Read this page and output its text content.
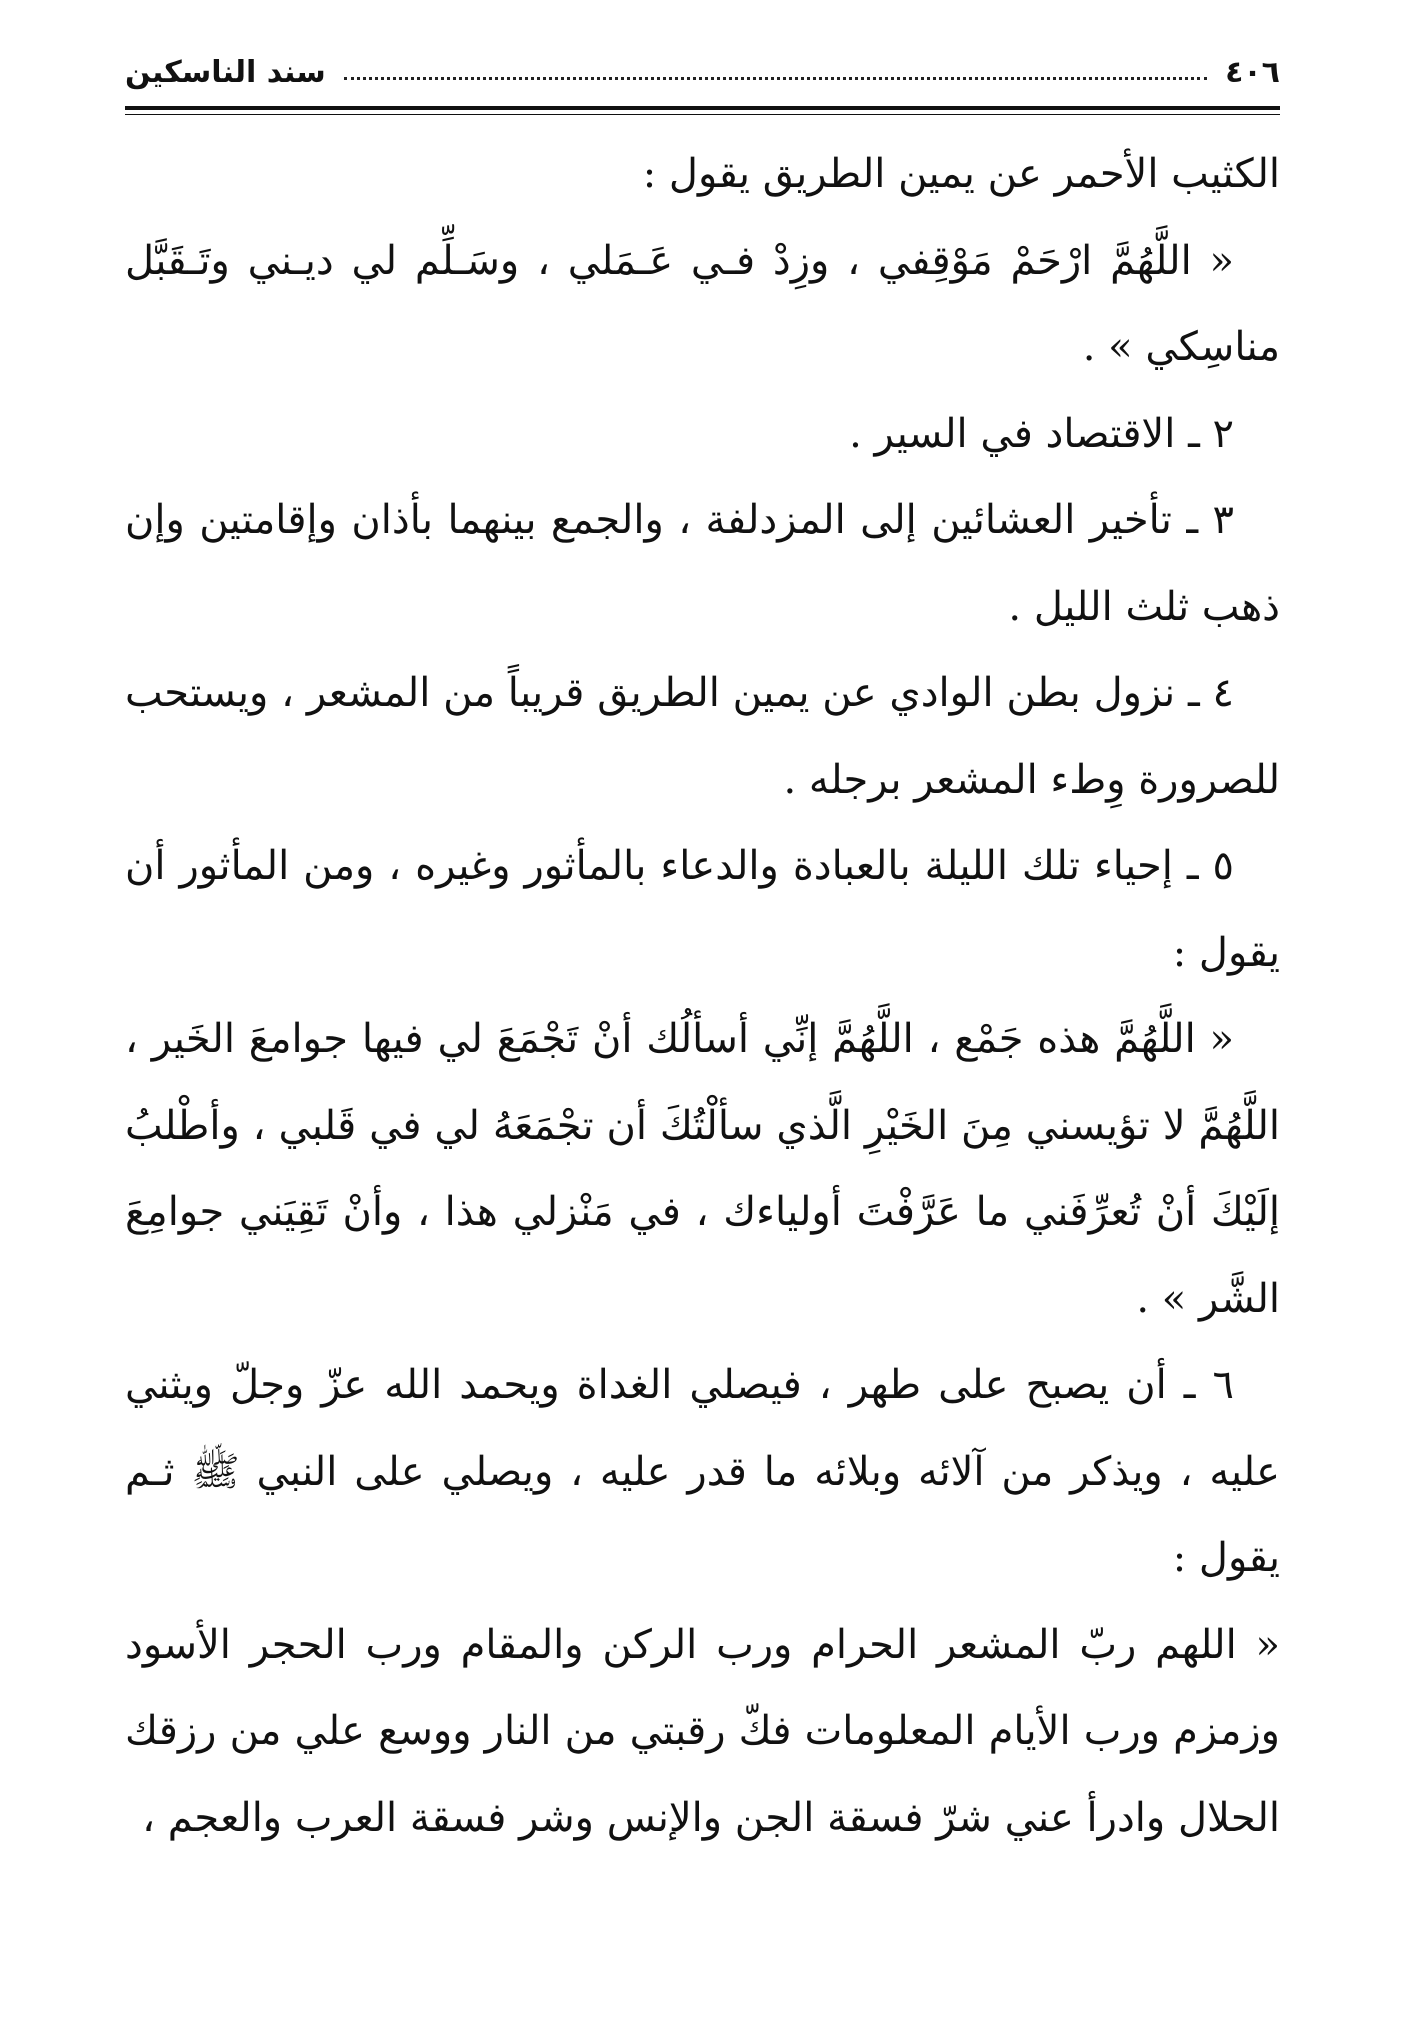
٤٠٦
سند الناسكين

الكثيب الأحمر عن يمين الطريق يقول :

« اللَّهُمَّ ارْحَمْ مَوْقِفي ، وزِدْ فـي عَـمَلي ، وسَـلِّم لي ديـني وتَـقَبَّل مناسِكي » .

٢ ـ الاقتصاد في السير .

٣ ـ تأخير العشائين إلى المزدلفة ، والجمع بينهما بأذان وإقامتين وإن ذهب ثلث الليل .

٤ ـ نزول بطن الوادي عن يمين الطريق قريباً من المشعر ، ويستحب للصرورة وِطء المشعر برجله .

٥ ـ إحياء تلك الليلة بالعبادة والدعاء بالمأثور وغيره ، ومن المأثور أن يقول :

« اللَّهُمَّ هذه جَمْع ، اللَّهُمَّ إنِّي أسألُك أنْ تَجْمَعَ لي فيها جوامعَ الخَير ، اللَّهُمَّ لا تؤيسني مِنَ الخَيْرِ الَّذي سألْتُكَ أن تجْمَعَهُ لي في قَلبي ، وأطْلبُ إلَيْكَ أنْ تُعرِّفَني ما عَرَّفْتَ أولياءك ، في مَنْزلي هذا ، وأنْ تَقِيَني جوامِعَ الشَّر » .

٦ ـ أن يصبح على طهر ، فيصلي الغداة ويحمد الله عزّ وجلّ ويثني عليه ، ويذكر من آلائه وبلائه ما قدر عليه ، ويصلي على النبي ﷺ ثـم يقول :

« اللهم ربّ المشعر الحرام ورب الركن والمقام ورب الحجر الأسود وزمزم ورب الأيام المعلومات فكّ رقبتي من النار ووسع علي من رزقك الحلال وادرأ عني شرّ فسقة الجن والإنس وشر فسقة العرب والعجم ،
